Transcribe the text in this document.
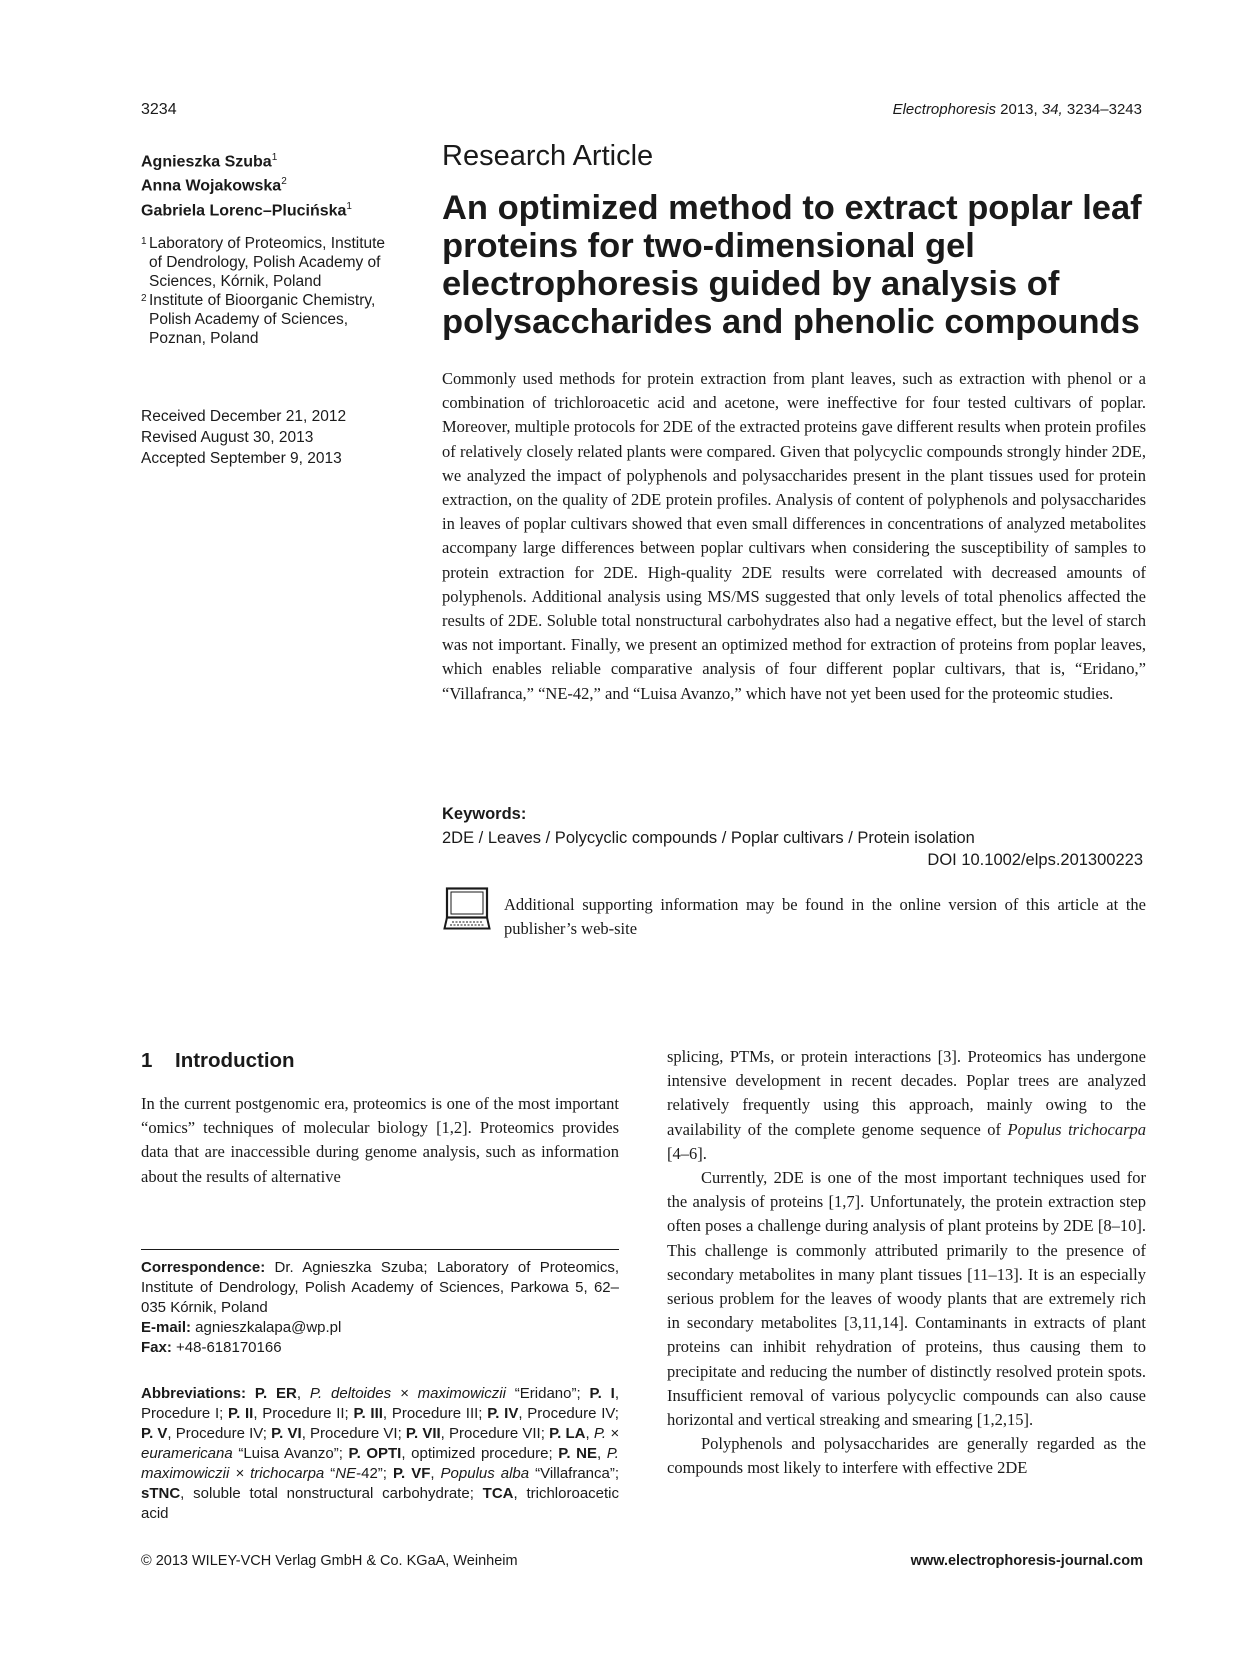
3234	Electrophoresis 2013, 34, 3234–3243
Agnieszka Szuba$^1$
Anna Wojakowska$^2$
Gabriela Lorenc–Plucińska$^1$
1 Laboratory of Proteomics, Institute of Dendrology, Polish Academy of Sciences, Kórnik, Poland
2 Institute of Bioorganic Chemistry, Polish Academy of Sciences, Poznan, Poland
Received December 21, 2012
Revised August 30, 2013
Accepted September 9, 2013
Research Article
An optimized method to extract poplar leaf proteins for two-dimensional gel electrophoresis guided by analysis of polysaccharides and phenolic compounds

Commonly used methods for protein extraction from plant leaves, such as extraction with phenol or a combination of trichloroacetic acid and acetone, were ineffective for four tested cultivars of poplar. Moreover, multiple protocols for 2DE of the extracted proteins gave different results when protein profiles of relatively closely related plants were compared. Given that polycyclic compounds strongly hinder 2DE, we analyzed the impact of polyphenols and polysaccharides present in the plant tissues used for protein extraction, on the quality of 2DE protein profiles. Analysis of content of polyphenols and polysaccharides in leaves of poplar cultivars showed that even small differences in concentrations of analyzed metabolites accompany large differences between poplar cultivars when considering the susceptibility of samples to protein extraction for 2DE. High-quality 2DE results were correlated with decreased amounts of polyphenols. Additional analysis using MS/MS suggested that only levels of total phenolics affected the results of 2DE. Soluble total nonstructural carbohydrates also had a negative effect, but the level of starch was not important. Finally, we present an optimized method for extraction of proteins from poplar leaves, which enables reliable comparative analysis of four different poplar cultivars, that is, “Eridano,” “Villafranca,” “NE-42,” and “Luisa Avanzo,” which have not yet been used for the proteomic studies.

Keywords:
2DE / Leaves / Polycyclic compounds / Poplar cultivars / Protein isolation
DOI 10.1002/elps.201300223

Additional supporting information may be found in the online version of this article at the publisher’s web-site

1 Introduction

In the current postgenomic era, proteomics is one of the most important “omics” techniques of molecular biology [1,2]. Proteomics provides data that are inaccessible during genome analysis, such as information about the results of alternative

Correspondence: Dr. Agnieszka Szuba; Laboratory of Proteomics, Institute of Dendrology, Polish Academy of Sciences, Parkowa 5, 62–035 Kórnik, Poland
E-mail: agnieszkalapa@wp.pl
Fax: +48-618170166

Abbreviations: P. ER, P. deltoides × maximowiczii “Eridano”; P. I, Procedure I; P. II, Procedure II; P. III, Procedure III; P. IV, Procedure IV; P. V, Procedure IV; P. VI, Procedure VI; P. VII, Procedure VII; P. LA, P. × euramericana “Luisa Avanzo”; P. OPTI, optimized procedure; P. NE, P. maximowiczii × trichocarpa “NE-42”; P. VF, Populus alba “Villafranca”; sTNC, soluble total nonstructural carbohydrate; TCA, trichloroacetic acid

splicing, PTMs, or protein interactions [3]. Proteomics has undergone intensive development in recent decades. Poplar trees are analyzed relatively frequently using this approach, mainly owing to the availability of the complete genome sequence of Populus trichocarpa [4–6].

Currently, 2DE is one of the most important techniques used for the analysis of proteins [1,7]. Unfortunately, the protein extraction step often poses a challenge during analysis of plant proteins by 2DE [8–10]. This challenge is commonly attributed primarily to the presence of secondary metabolites in many plant tissues [11–13]. It is an especially serious problem for the leaves of woody plants that are extremely rich in secondary metabolites [3,11,14]. Contaminants in extracts of plant proteins can inhibit rehydration of proteins, thus causing them to precipitate and reducing the number of distinctly resolved protein spots. Insufficient removal of various polycyclic compounds can also cause horizontal and vertical streaking and smearing [1,2,15].

Polyphenols and polysaccharides are generally regarded as the compounds most likely to interfere with effective 2DE

© 2013 WILEY-VCH Verlag GmbH & Co. KGaA, Weinheim	www.electrophoresis-journal.com
